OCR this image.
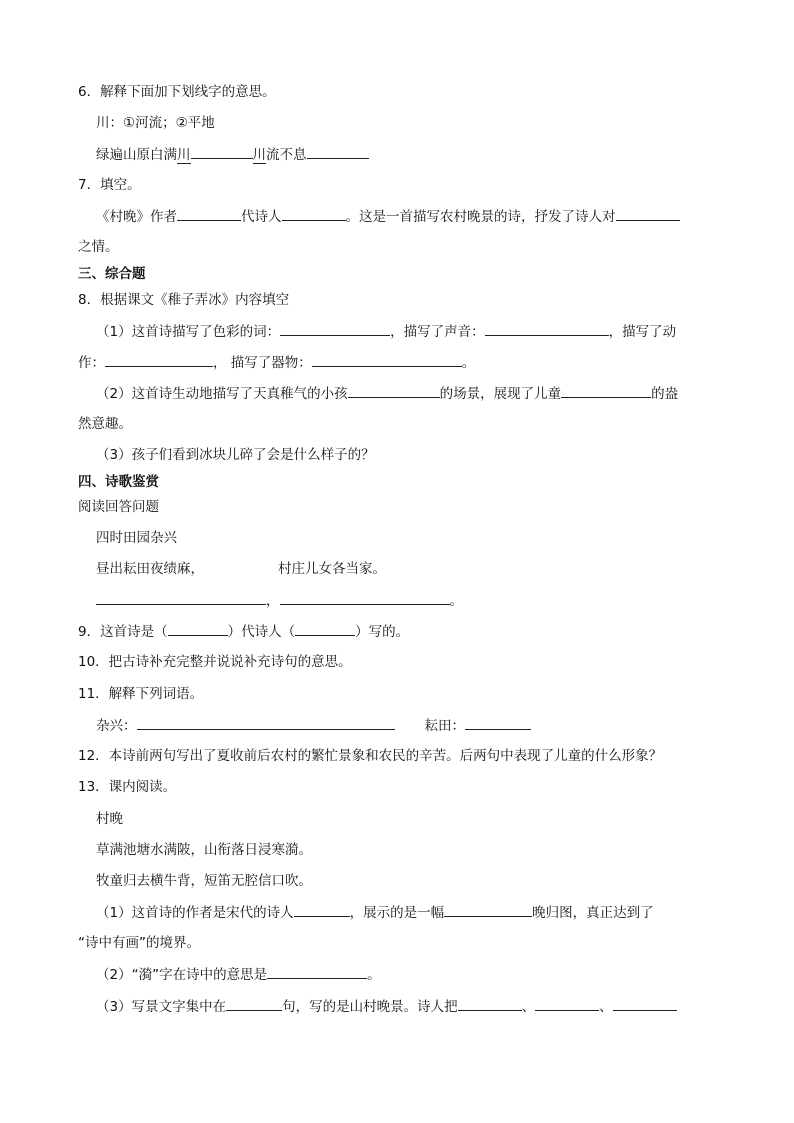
6．解释下面加下划线字的意思。
川：①河流；②平地
绿遍山原白满川	川流不息
7．填空。
《村晚》作者	代诗人	。这是一首描写农村晚景的诗，抒发了诗人对
之情。
三、综合题
8．根据课文《稚子弄冰》内容填空
（1）这首诗描写了色彩的词：	，描写了声音：	，描写了动
作：	， 描写了器物：	。
（2）这首诗生动地描写了天真稚气的小孩	的场景，展现了儿童	的盎
然意趣。
（3）孩子们看到冰块儿碎了会是什么样子的？
四、诗歌鉴赏
阅读回答问题
四时田园杂兴
昼出耘田夜绩麻，	村庄儿女各当家。
，	。
9．这首诗是（	）代诗人（	）写的。
10．把古诗补充完整并说说补充诗句的意思。
11．解释下列词语。
杂兴：	耘田：
12．本诗前两句写出了夏收前后农村的繁忙景象和农民的辛苦。后两句中表现了儿童的什么形象？
13．课内阅读。
村晚
草满池塘水满陂，山衔落日浸寒漪。
牧童归去横牛背，短笛无腔信口吹。
（1）这首诗的作者是宋代的诗人	，展示的是一幅	晚归图，真正达到了
“诗中有画”的境界。
（2）“漪”字在诗中的意思是	。
（3）写景文字集中在	句，写的是山村晚景。诗人把	、	、
